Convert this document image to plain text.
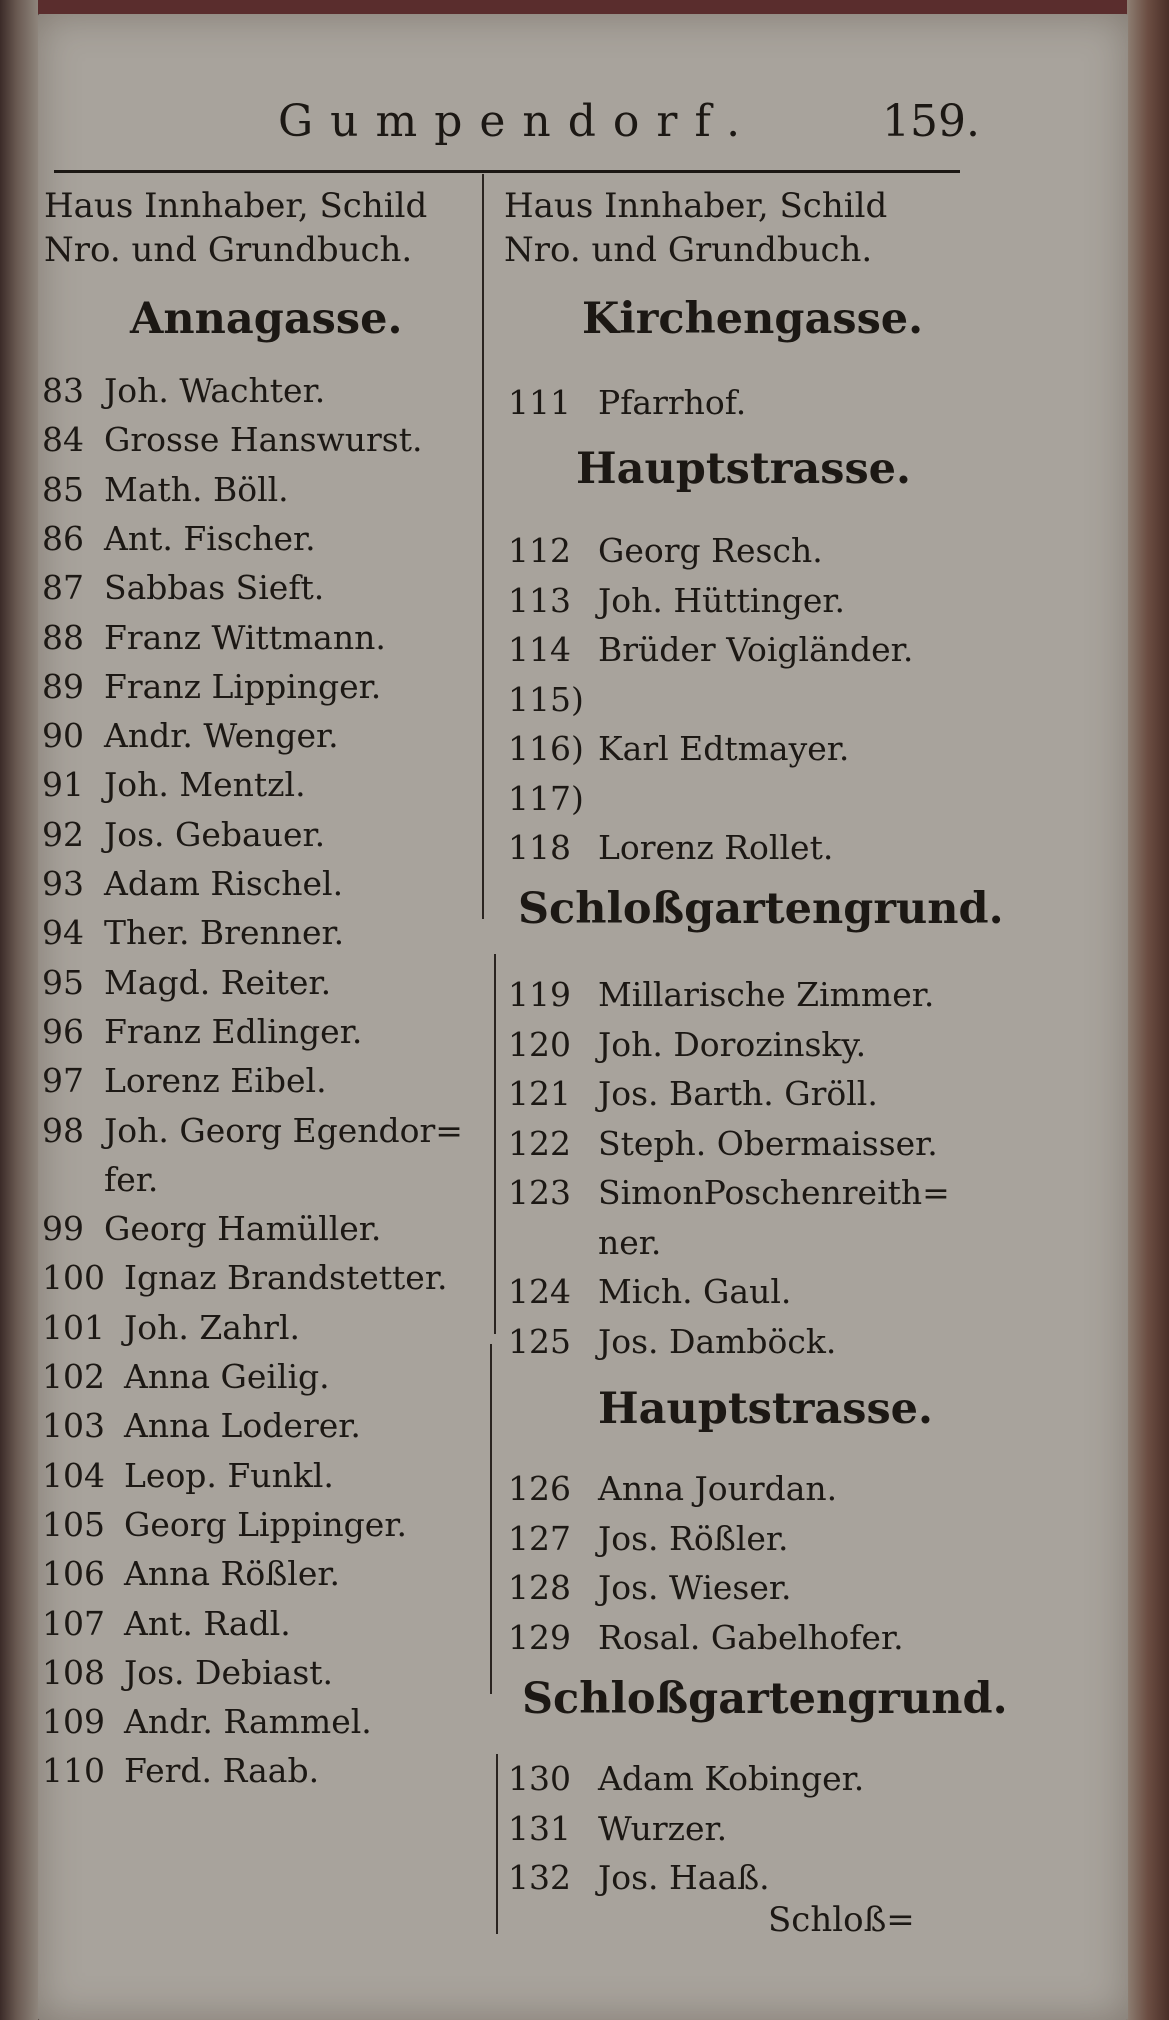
Gumpendorf.	159.
Haus Innhaber, Schild
Nro. und Grundbuch.
Haus Innhaber, Schild
Nro. und Grundbuch.
Annagasse.
83 Joh. Wachter.
84 Grosse Hanswurst.
85 Math. Böll.
86 Ant. Fischer.
87 Sabbas Sieft.
88 Franz Wittmann.
89 Franz Lippinger.
90 Andr. Wenger.
91 Joh. Mentzl.
92 Jos. Gebauer.
93 Adam Rischel.
94 Ther. Brenner.
95 Magd. Reiter.
96 Franz Edlinger.
97 Lorenz Eibel.
98 Joh. Georg Egendor=
fer.
99 Georg Hamüller.
100 Ignaz Brandstetter.
101 Joh. Zahrl.
102 Anna Geilig.
103 Anna Loderer.
104 Leop. Funkl.
105 Georg Lippinger.
106 Anna Rößler.
107 Ant. Radl.
108 Jos. Debiast.
109 Andr. Rammel.
110 Ferd. Raab.
Kirchengasse.
Hauptstrasse.
Schloßgartengrund.
Hauptstrasse.
Schloßgartengrund.
111 Pfarrhof.
112 Georg Resch.
113 Joh. Hüttinger.
114 Brüder Voigländer.
115)
116) Karl Edtmayer.
117)
118 Lorenz Rollet.
119 Millarische Zimmer.
120 Joh. Dorozinsky.
121 Jos. Barth. Gröll.
122 Steph. Obermaisser.
123 SimonPoschenreith=
ner.
124 Mich. Gaul.
125 Jos. Damböck.
126 Anna Jourdan.
127 Jos. Rößler.
128 Jos. Wieser.
129 Rosal. Gabelhofer.
130 Adam Kobinger.
131 Wurzer.
132 Jos. Haaß.
Schloß=
